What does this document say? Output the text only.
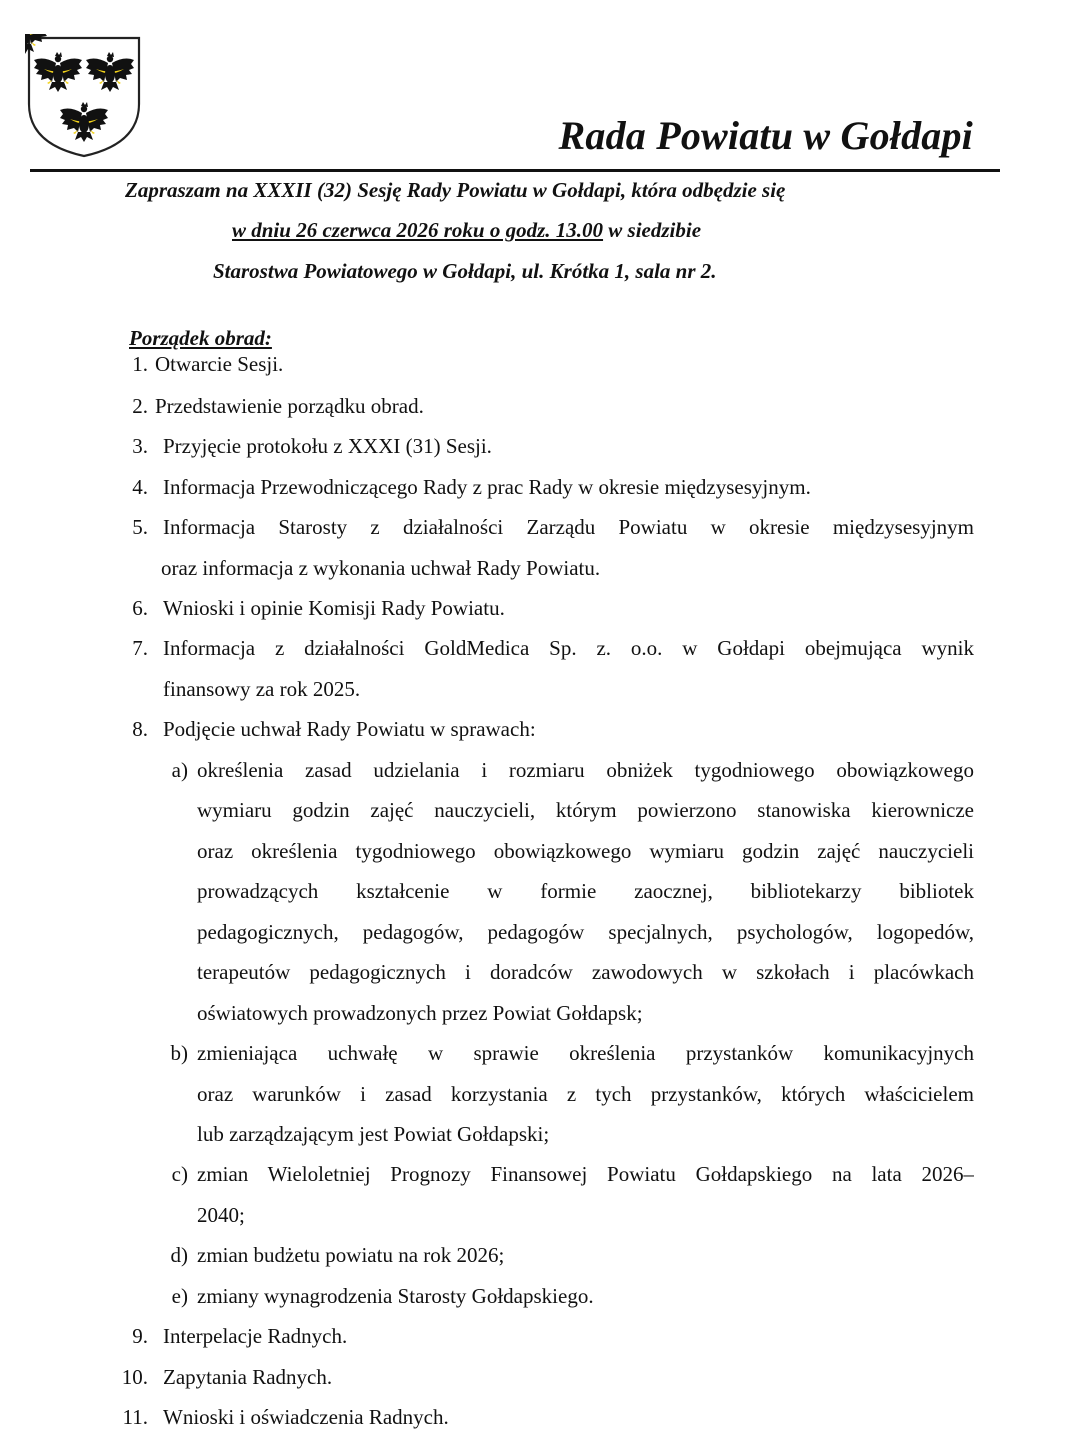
Rada Powiatu w Gołdapi
Zapraszam na XXXII (32) Sesję Rady Powiatu w Gołdapi, która odbędzie się
w dniu 26 czerwca 2026 roku o godz. 13.00 w siedzibie
Starostwa Powiatowego w Gołdapi, ul. Krótka 1, sala nr 2.
Porządek obrad:
1. Otwarcie Sesji.
2. Przedstawienie porządku obrad.
3. Przyjęcie protokołu z XXXI (31) Sesji.
4. Informacja Przewodniczącego Rady z prac Rady w okresie międzysesyjnym.
5. Informacja Starosty z działalności Zarządu Powiatu w okresie międzysesyjnym
oraz informacja z wykonania uchwał Rady Powiatu.
6. Wnioski i opinie Komisji Rady Powiatu.
7. Informacja z działalności GoldMedica Sp. z. o.o. w Gołdapi obejmująca wynik
finansowy za rok 2025.
8. Podjęcie uchwał Rady Powiatu w sprawach:
a) określenia zasad udzielania i rozmiaru obniżek tygodniowego obowiązkowego
wymiaru godzin zajęć nauczycieli, którym powierzono stanowiska kierownicze
oraz określenia tygodniowego obowiązkowego wymiaru godzin zajęć nauczycieli
prowadzących kształcenie w formie zaocznej, bibliotekarzy bibliotek
pedagogicznych, pedagogów, pedagogów specjalnych, psychologów, logopedów,
terapeutów pedagogicznych i doradców zawodowych w szkołach i placówkach
oświatowych prowadzonych przez Powiat Gołdapsk;
b) zmieniająca uchwałę w sprawie określenia przystanków komunikacyjnych
oraz warunków i zasad korzystania z tych przystanków, których właścicielem
lub zarządzającym jest Powiat Gołdapski;
c) zmian Wieloletniej Prognozy Finansowej Powiatu Gołdapskiego na lata 2026–
2040;
d) zmian budżetu powiatu na rok 2026;
e) zmiany wynagrodzenia Starosty Gołdapskiego.
9. Interpelacje Radnych.
10. Zapytania Radnych.
11. Wnioski i oświadczenia Radnych.
